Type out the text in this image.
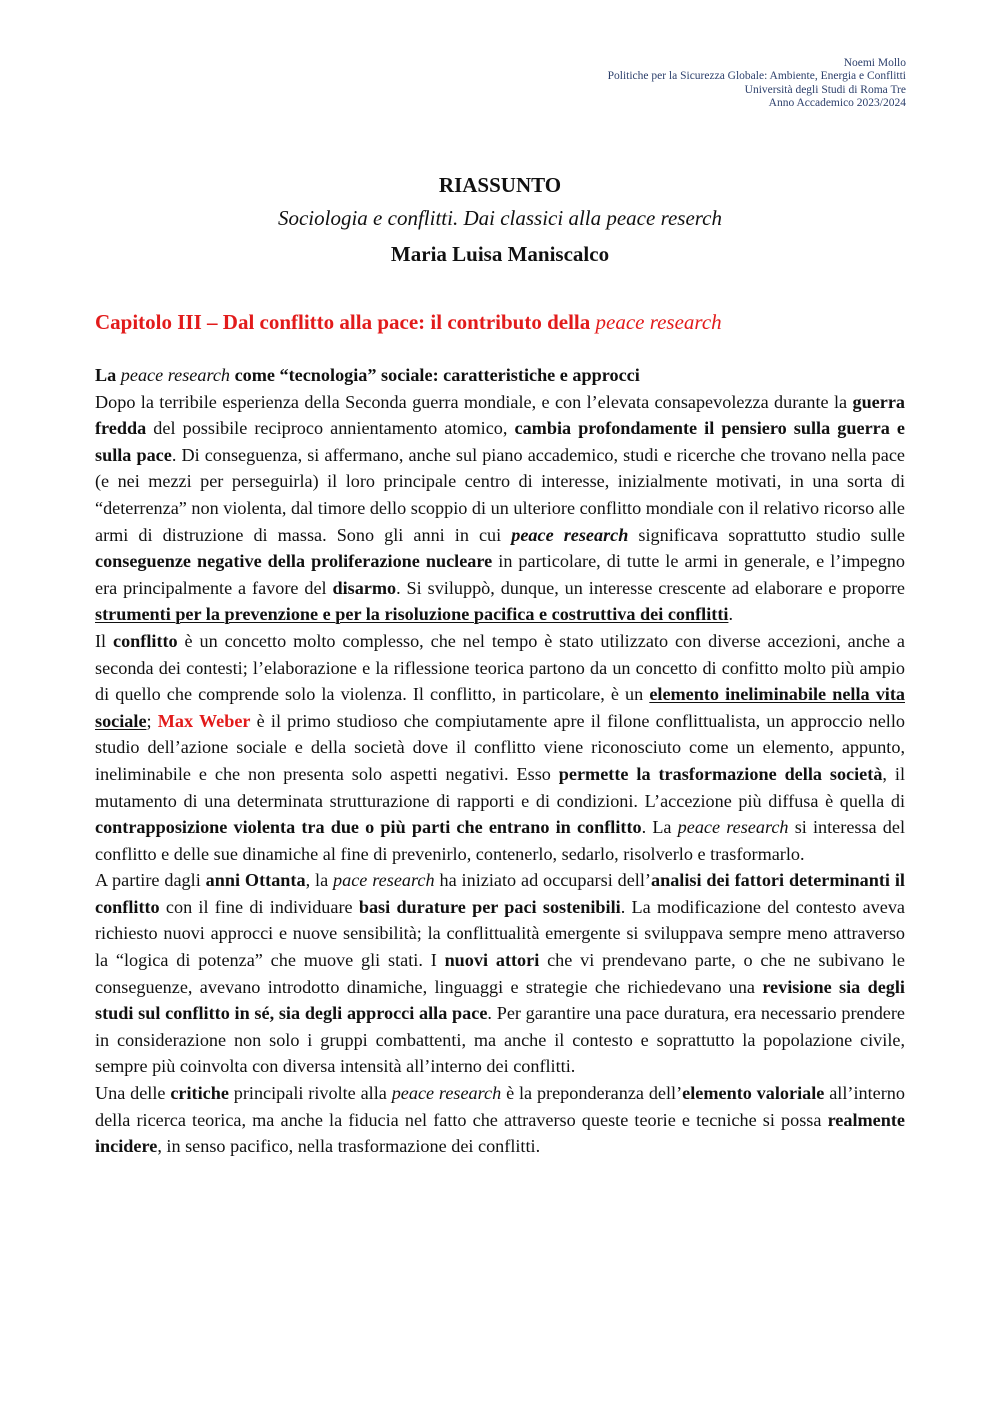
Noemi Mollo
Politiche per la Sicurezza Globale: Ambiente, Energia e Conflitti
Università degli Studi di Roma Tre
Anno Accademico 2023/2024

RIASSUNTO

Sociologia e conflitti. Dai classici alla peace reserch

Maria Luisa Maniscalco

Capitolo III – Dal conflitto alla pace: il contributo della peace research

La peace research come “tecnologia” sociale: caratteristiche e approcci

Dopo la terribile esperienza della Seconda guerra mondiale, e con l’elevata consapevolezza durante la guerra fredda del possibile reciproco annientamento atomico, cambia profondamente il pensiero sulla guerra e sulla pace. Di conseguenza, si affermano, anche sul piano accademico, studi e ricerche che trovano nella pace (e nei mezzi per perseguirla) il loro principale centro di interesse, inizialmente motivati, in una sorta di “deterrenza” non violenta, dal timore dello scoppio di un ulteriore conflitto mondiale con il relativo ricorso alle armi di distruzione di massa. Sono gli anni in cui peace research significava soprattutto studio sulle conseguenze negative della proliferazione nucleare in particolare, di tutte le armi in generale, e l’impegno era principalmente a favore del disarmo. Si sviluppò, dunque, un interesse crescente ad elaborare e proporre strumenti per la prevenzione e per la risoluzione pacifica e costruttiva dei conflitti.

Il conflitto è un concetto molto complesso, che nel tempo è stato utilizzato con diverse accezioni, anche a seconda dei contesti; l’elaborazione e la riflessione teorica partono da un concetto di confitto molto più ampio di quello che comprende solo la violenza. Il conflitto, in particolare, è un elemento ineliminabile nella vita sociale; Max Weber è il primo studioso che compiutamente apre il filone conflittualista, un approccio nello studio dell’azione sociale e della società dove il conflitto viene riconosciuto come un elemento, appunto, ineliminabile e che non presenta solo aspetti negativi. Esso permette la trasformazione della società, il mutamento di una determinata strutturazione di rapporti e di condizioni. L’accezione più diffusa è quella di contrapposizione violenta tra due o più parti che entrano in conflitto. La peace research si interessa del conflitto e delle sue dinamiche al fine di prevenirlo, contenerlo, sedarlo, risolverlo e trasformarlo.

A partire dagli anni Ottanta, la pace research ha iniziato ad occuparsi dell’analisi dei fattori determinanti il conflitto con il fine di individuare basi durature per paci sostenibili. La modificazione del contesto aveva richiesto nuovi approcci e nuove sensibilità; la conflittualità emergente si sviluppava sempre meno attraverso la “logica di potenza” che muove gli stati. I nuovi attori che vi prendevano parte, o che ne subivano le conseguenze, avevano introdotto dinamiche, linguaggi e strategie che richiedevano una revisione sia degli studi sul conflitto in sé, sia degli approcci alla pace. Per garantire una pace duratura, era necessario prendere in considerazione non solo i gruppi combattenti, ma anche il contesto e soprattutto la popolazione civile, sempre più coinvolta con diversa intensità all’interno dei conflitti.

Una delle critiche principali rivolte alla peace research è la preponderanza dell’elemento valoriale all’interno della ricerca teorica, ma anche la fiducia nel fatto che attraverso queste teorie e tecniche si possa realmente incidere, in senso pacifico, nella trasformazione dei conflitti.
